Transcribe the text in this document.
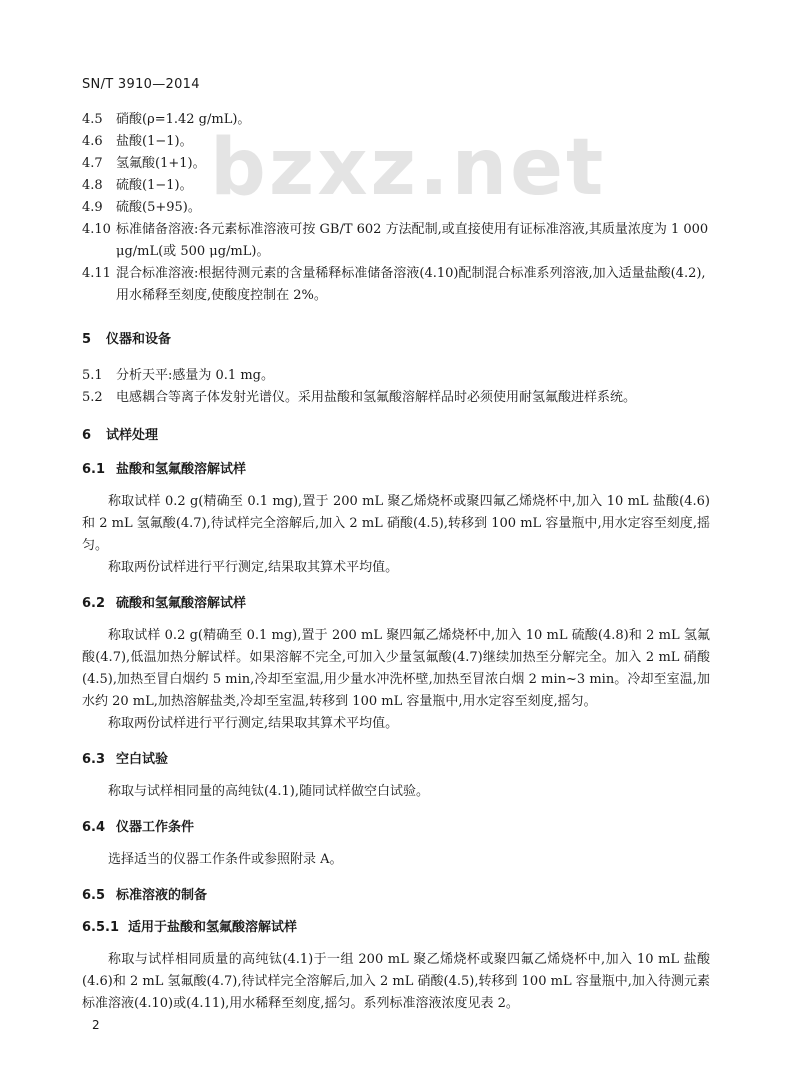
SN/T 3910—2014
bzxz.net
4.5	硝酸(ρ=1.42 g/mL)。
4.6	盐酸(1−1)。
4.7	氢氟酸(1+1)。
4.8	硫酸(1−1)。
4.9	硫酸(5+95)。
4.10 标准储备溶液:各元素标准溶液可按 GB/T 602 方法配制,或直接使用有证标准溶液,其质量浓度为 1 000 μg/mL(或 500 μg/mL)。
4.11 混合标准溶液:根据待测元素的含量稀释标准储备溶液(4.10)配制混合标准系列溶液,加入适量盐酸(4.2),用水稀释至刻度,使酸度控制在 2%。
5	仪器和设备
5.1	分析天平:感量为 0.1 mg。
5.2	电感耦合等离子体发射光谱仪。采用盐酸和氢氟酸溶解样品时必须使用耐氢氟酸进样系统。
6	试样处理
6.1 盐酸和氢氟酸溶解试样
称取试样 0.2 g(精确至 0.1 mg),置于 200 mL 聚乙烯烧杯或聚四氟乙烯烧杯中,加入 10 mL 盐酸(4.6)和 2 mL 氢氟酸(4.7),待试样完全溶解后,加入 2 mL 硝酸(4.5),转移到 100 mL 容量瓶中,用水定容至刻度,摇匀。
称取两份试样进行平行测定,结果取其算术平均值。
6.2 硫酸和氢氟酸溶解试样
称取试样 0.2 g(精确至 0.1 mg),置于 200 mL 聚四氟乙烯烧杯中,加入 10 mL 硫酸(4.8)和 2 mL 氢氟酸(4.7),低温加热分解试样。如果溶解不完全,可加入少量氢氟酸(4.7)继续加热至分解完全。加入 2 mL 硝酸(4.5),加热至冒白烟约 5 min,冷却至室温,用少量水冲洗杯壁,加热至冒浓白烟 2 min~3 min。冷却至室温,加水约 20 mL,加热溶解盐类,冷却至室温,转移到 100 mL 容量瓶中,用水定容至刻度,摇匀。
称取两份试样进行平行测定,结果取其算术平均值。
6.3 空白试验
称取与试样相同量的高纯钛(4.1),随同试样做空白试验。
6.4 仪器工作条件
选择适当的仪器工作条件或参照附录 A。
6.5 标准溶液的制备
6.5.1 适用于盐酸和氢氟酸溶解试样
称取与试样相同质量的高纯钛(4.1)于一组 200 mL 聚乙烯烧杯或聚四氟乙烯烧杯中,加入 10 mL 盐酸(4.6)和 2 mL 氢氟酸(4.7),待试样完全溶解后,加入 2 mL 硝酸(4.5),转移到 100 mL 容量瓶中,加入待测元素标准溶液(4.10)或(4.11),用水稀释至刻度,摇匀。系列标准溶液浓度见表 2。
2
